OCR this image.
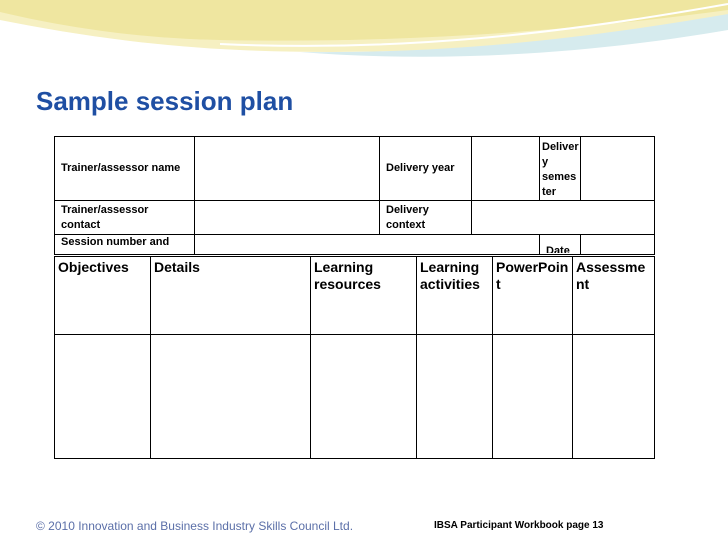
Sample session plan
Trainer/assessor name		Delivery year		Deliver y semes ter	
Trainer/assessor contact		Delivery context			

Session number and				Date	

Objectives	Details	Learning resources	Learning activities	PowerPoin t	Assessme nt

© 2010 Innovation and Business Industry Skills Council Ltd.	IBSA Participant Workbook page 13
